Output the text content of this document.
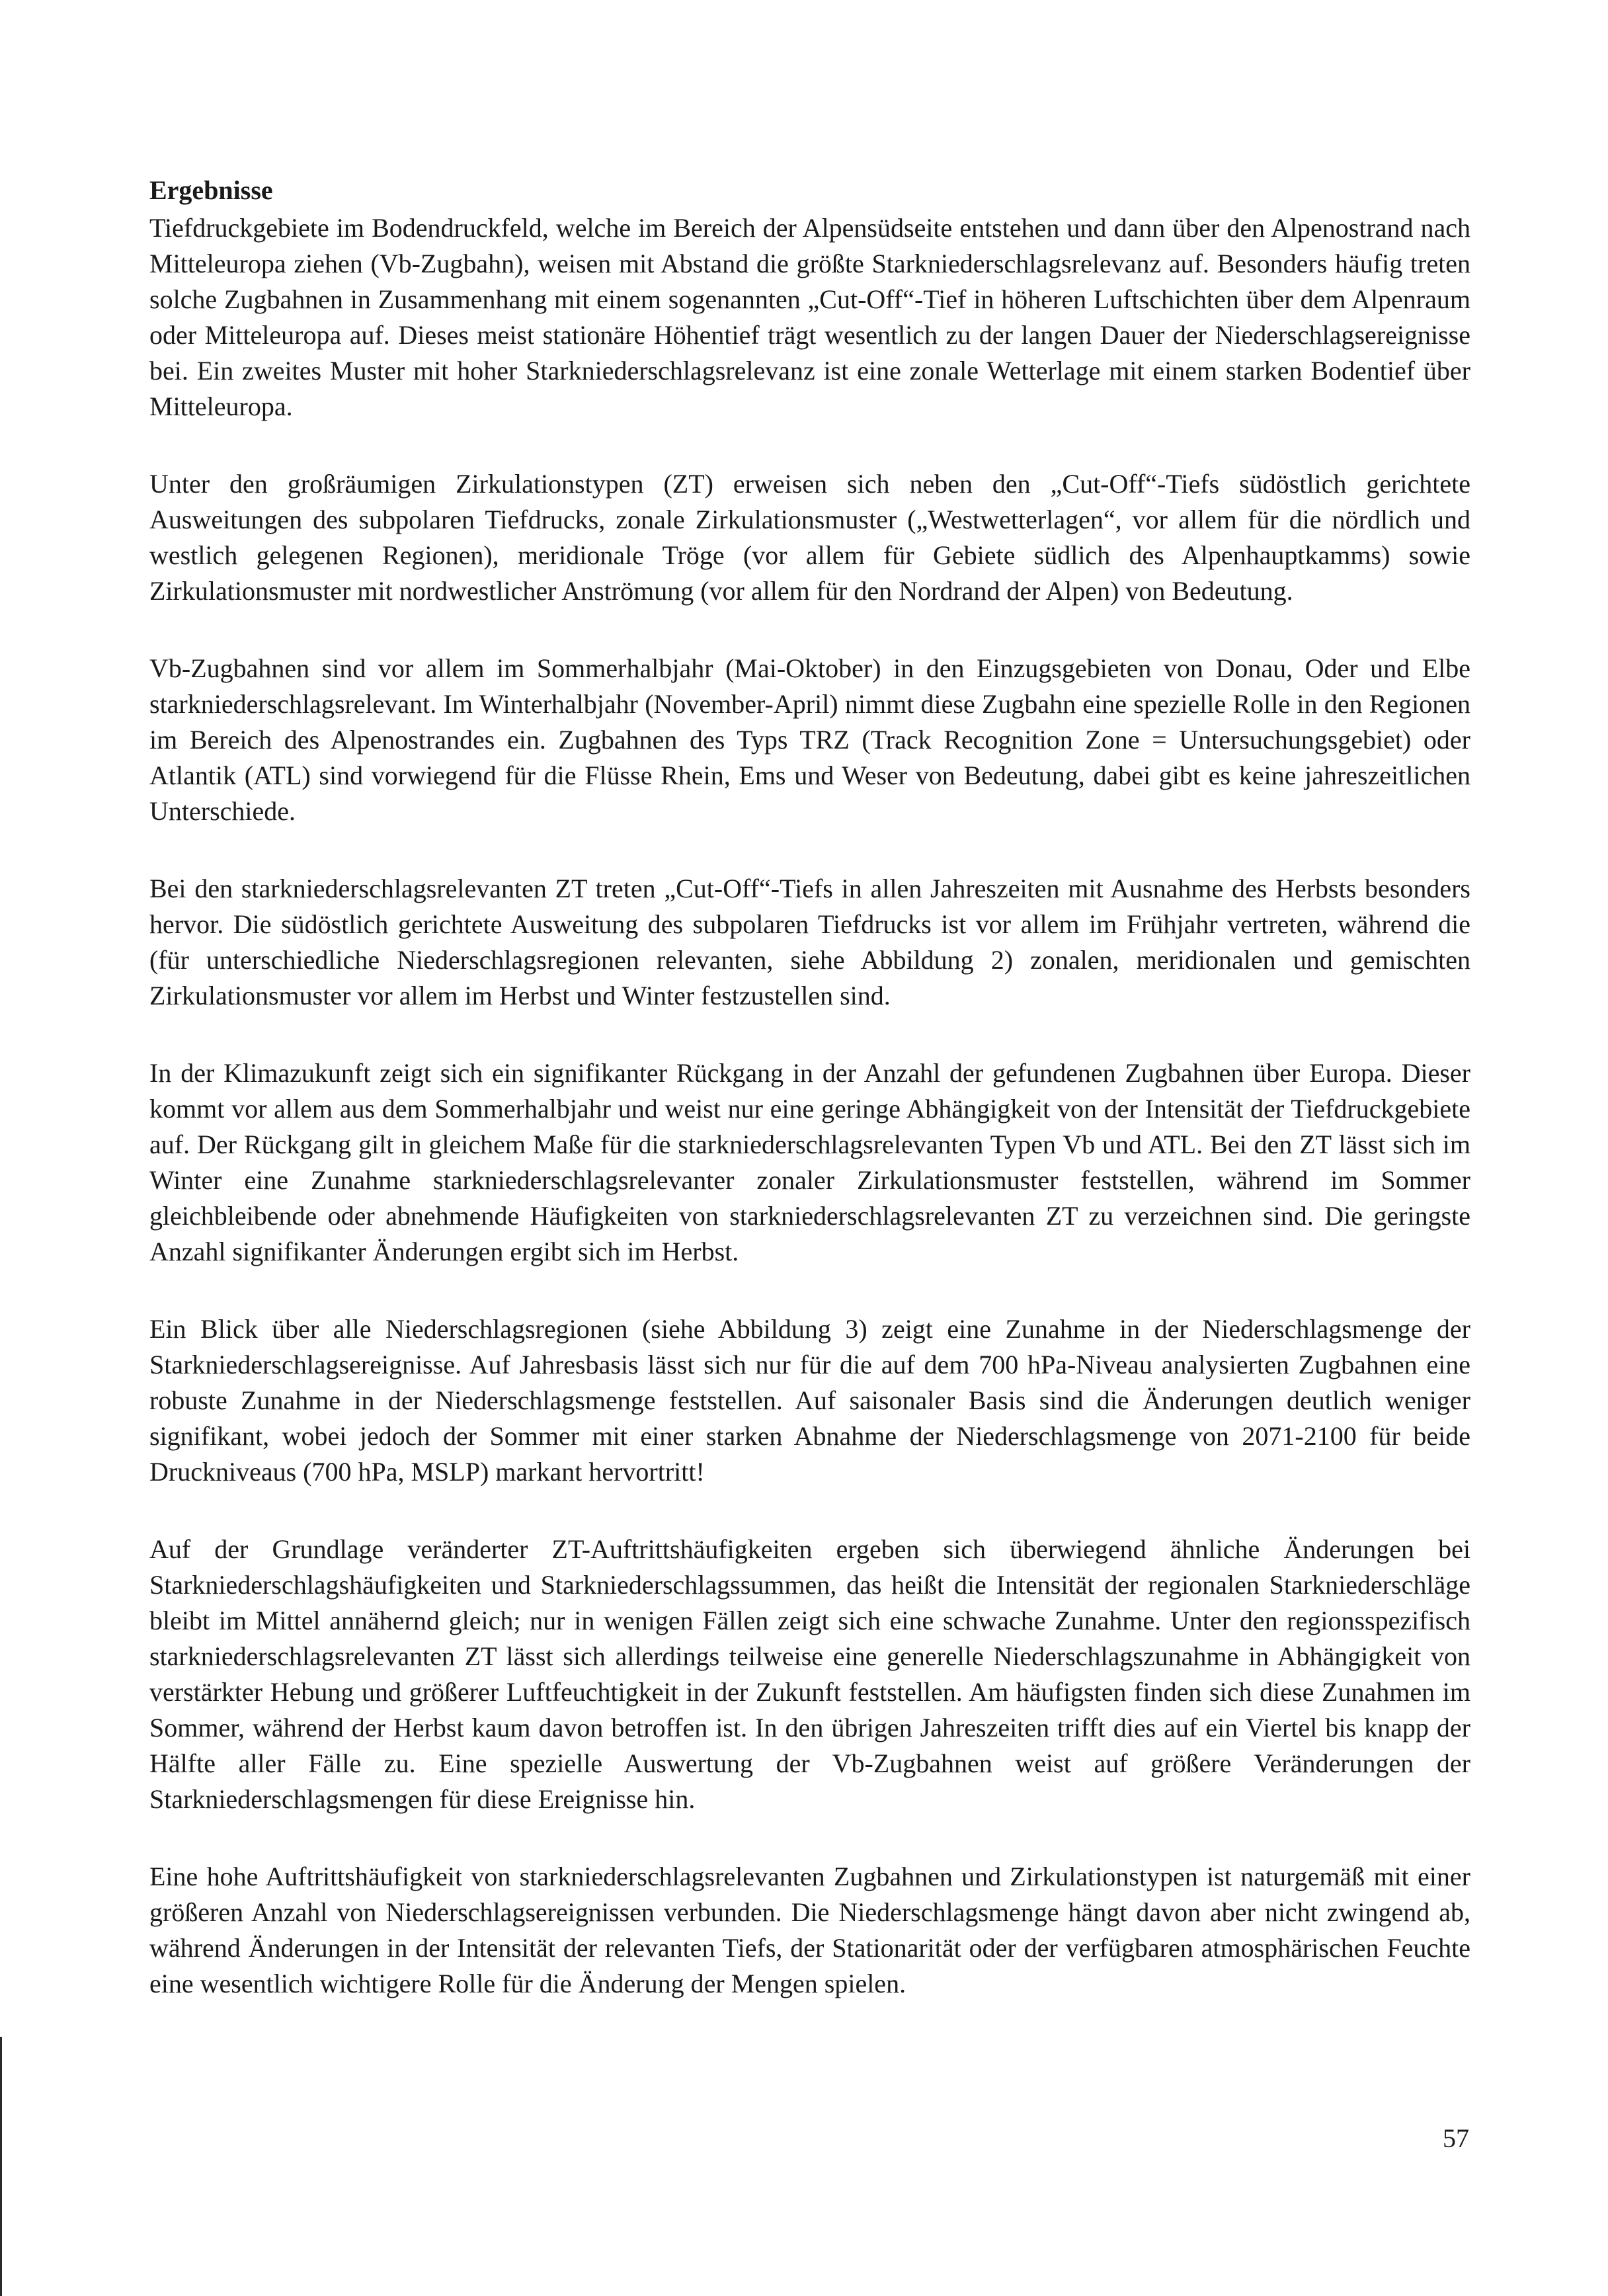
Ergebnisse

Tiefdruckgebiete im Bodendruckfeld, welche im Bereich der Alpensüdseite entstehen und dann über den Alpenostrand nach Mitteleuropa ziehen (Vb-Zugbahn), weisen mit Abstand die größte Starkniederschlagsrelevanz auf. Besonders häufig treten solche Zugbahnen in Zusammenhang mit einem sogenannten „Cut-Off“-Tief in höheren Luftschichten über dem Alpenraum oder Mitteleuropa auf. Dieses meist stationäre Höhentief trägt wesentlich zu der langen Dauer der Niederschlagsereignisse bei. Ein zweites Muster mit hoher Starkniederschlagsrelevanz ist eine zonale Wetterlage mit einem starken Bodentief über Mitteleuropa.

Unter den großräumigen Zirkulationstypen (ZT) erweisen sich neben den „Cut-Off“-Tiefs südöstlich gerichtete Ausweitungen des subpolaren Tiefdrucks, zonale Zirkulationsmuster („Westwetterlagen“, vor allem für die nördlich und westlich gelegenen Regionen), meridionale Tröge (vor allem für Gebiete südlich des Alpenhauptkamms) sowie Zirkulationsmuster mit nordwestlicher Anströmung (vor allem für den Nordrand der Alpen) von Bedeutung.

Vb-Zugbahnen sind vor allem im Sommerhalbjahr (Mai-Oktober) in den Einzugsgebieten von Donau, Oder und Elbe starkniederschlagsrelevant. Im Winterhalbjahr (November-April) nimmt diese Zugbahn eine spezielle Rolle in den Regionen im Bereich des Alpenostrandes ein. Zugbahnen des Typs TRZ (Track Recognition Zone = Untersuchungsgebiet) oder Atlantik (ATL) sind vorwiegend für die Flüsse Rhein, Ems und Weser von Bedeutung, dabei gibt es keine jahreszeitlichen Unterschiede.

Bei den starkniederschlagsrelevanten ZT treten „Cut-Off“-Tiefs in allen Jahreszeiten mit Ausnahme des Herbsts besonders hervor. Die südöstlich gerichtete Ausweitung des subpolaren Tiefdrucks ist vor allem im Frühjahr vertreten, während die (für unterschiedliche Niederschlagsregionen relevanten, siehe Abbildung 2) zonalen, meridionalen und gemischten Zirkulationsmuster vor allem im Herbst und Winter festzustellen sind.

In der Klimazukunft zeigt sich ein signifikanter Rückgang in der Anzahl der gefundenen Zugbahnen über Europa. Dieser kommt vor allem aus dem Sommerhalbjahr und weist nur eine geringe Abhängigkeit von der Intensität der Tiefdruckgebiete auf. Der Rückgang gilt in gleichem Maße für die starkniederschlagsrelevanten Typen Vb und ATL. Bei den ZT lässt sich im Winter eine Zunahme starkniederschlagsrelevanter zonaler Zirkulationsmuster feststellen, während im Sommer gleichbleibende oder abnehmende Häufigkeiten von starkniederschlagsrelevanten ZT zu verzeichnen sind. Die geringste Anzahl signifikanter Änderungen ergibt sich im Herbst.

Ein Blick über alle Niederschlagsregionen (siehe Abbildung 3) zeigt eine Zunahme in der Niederschlagsmenge der Starkniederschlagsereignisse. Auf Jahresbasis lässt sich nur für die auf dem 700 hPa-Niveau analysierten Zugbahnen eine robuste Zunahme in der Niederschlagsmenge feststellen. Auf saisonaler Basis sind die Änderungen deutlich weniger signifikant, wobei jedoch der Sommer mit einer starken Abnahme der Niederschlagsmenge von 2071-2100 für beide Druckniveaus (700 hPa, MSLP) markant hervortritt!

Auf der Grundlage veränderter ZT-Auftrittshäufigkeiten ergeben sich überwiegend ähnliche Änderungen bei Starkniederschlagshäufigkeiten und Starkniederschlagssummen, das heißt die Intensität der regionalen Starkniederschläge bleibt im Mittel annähernd gleich; nur in wenigen Fällen zeigt sich eine schwache Zunahme. Unter den regionsspezifisch starkniederschlagsrelevanten ZT lässt sich allerdings teilweise eine generelle Niederschlagszunahme in Abhängigkeit von verstärkter Hebung und größerer Luftfeuchtigkeit in der Zukunft feststellen. Am häufigsten finden sich diese Zunahmen im Sommer, während der Herbst kaum davon betroffen ist. In den übrigen Jahreszeiten trifft dies auf ein Viertel bis knapp der Hälfte aller Fälle zu. Eine spezielle Auswertung der Vb-Zugbahnen weist auf größere Veränderungen der Starkniederschlagsmengen für diese Ereignisse hin.

Eine hohe Auftrittshäufigkeit von starkniederschlagsrelevanten Zugbahnen und Zirkulationstypen ist naturgemäß mit einer größeren Anzahl von Niederschlagsereignissen verbunden. Die Niederschlagsmenge hängt davon aber nicht zwingend ab, während Änderungen in der Intensität der relevanten Tiefs, der Stationarität oder der verfügbaren atmosphärischen Feuchte eine wesentlich wichtigere Rolle für die Änderung der Mengen spielen.

57
